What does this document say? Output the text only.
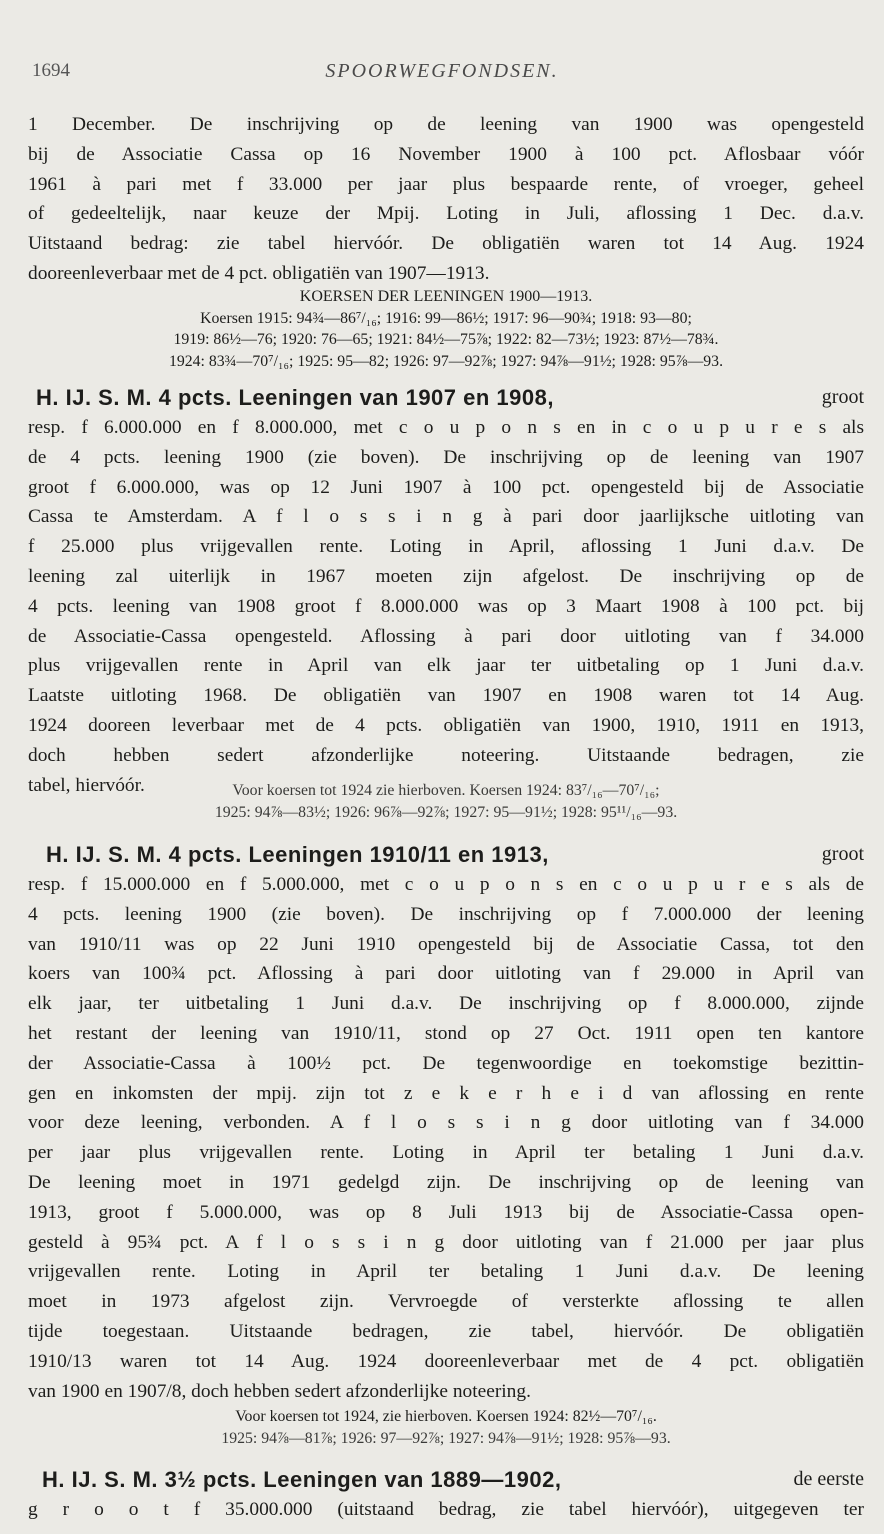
1694	SPOORWEGFONDSEN.
1 December. De inschrijving op de leening van 1900 was opengesteld
bij de Associatie Cassa op 16 November 1900 à 100 pct. Aflosbaar vóór
1961 à pari met f 33.000 per jaar plus bespaarde rente, of vroeger, geheel
of gedeeltelijk, naar keuze der Mpij. Loting in Juli, aflossing 1 Dec. d.a.v.
Uitstaand bedrag: zie tabel hiervóór. De obligatiën waren tot 14 Aug. 1924
dooreenleverbaar met de 4 pct. obligatiën van 1907—1913.
KOERSEN DER LEENINGEN 1900—1913.
Koersen 1915: 94¾—86⁷/₁₆; 1916: 99—86½; 1917: 96—90¾; 1918: 93—80;
1919: 86½—76; 1920: 76—65; 1921: 84½—75⅞; 1922: 82—73½; 1923: 87½—78¾.
1924: 83¾—70⁷/₁₆; 1925: 95—82; 1926: 97—92⅞; 1927: 94⅞—91½; 1928: 95⅞—93.
H. IJ. S. M. 4 pcts. Leeningen van 1907 en 1908,	groot
resp. f 6.000.000 en f 8.000.000, met c o u p o n s en in c o u p u r e s als
de 4 pcts. leening 1900 (zie boven). De inschrijving op de leening van 1907
groot f 6.000.000, was op 12 Juni 1907 à 100 pct. opengesteld bij de Associatie
Cassa te Amsterdam. A f l o s s i n g à pari door jaarlijksche uitloting van
f 25.000 plus vrijgevallen rente. Loting in April, aflossing 1 Juni d.a.v. De
leening zal uiterlijk in 1967 moeten zijn afgelost. De inschrijving op de
4 pcts. leening van 1908 groot f 8.000.000 was op 3 Maart 1908 à 100 pct. bij
de Associatie-Cassa opengesteld. Aflossing à pari door uitloting van f 34.000
plus vrijgevallen rente in April van elk jaar ter uitbetaling op 1 Juni d.a.v.
Laatste uitloting 1968. De obligatiën van 1907 en 1908 waren tot 14 Aug.
1924 dooreen leverbaar met de 4 pcts. obligatiën van 1900, 1910, 1911 en 1913,
doch hebben sedert afzonderlijke noteering. Uitstaande bedragen, zie
tabel, hiervóór.	Voor koersen tot 1924 zie hierboven. Koersen 1924: 83⁷/₁₆—70⁷/₁₆;
1925: 94⅞—83½; 1926: 96⅞—92⅞; 1927: 95—91½; 1928: 95¹¹/₁₆—93.
H. IJ. S. M. 4 pcts. Leeningen 1910/11 en 1913,	groot
resp. f 15.000.000 en f 5.000.000, met c o u p o n s en c o u p u r e s als de
4 pcts. leening 1900 (zie boven). De inschrijving op f 7.000.000 der leening
van 1910/11 was op 22 Juni 1910 opengesteld bij de Associatie Cassa, tot den
koers van 100¾ pct. Aflossing à pari door uitloting van f 29.000 in April van
elk jaar, ter uitbetaling 1 Juni d.a.v. De inschrijving op f 8.000.000, zijnde
het restant der leening van 1910/11, stond op 27 Oct. 1911 open ten kantore
der Associatie-Cassa à 100½ pct. De tegenwoordige en toekomstige bezittin-
gen en inkomsten der mpij. zijn tot z e k e r h e i d van aflossing en rente
voor deze leening, verbonden. A f l o s s i n g door uitloting van f 34.000
per jaar plus vrijgevallen rente. Loting in April ter betaling 1 Juni d.a.v.
De leening moet in 1971 gedelgd zijn. De inschrijving op de leening van
1913, groot f 5.000.000, was op 8 Juli 1913 bij de Associatie-Cassa open-
gesteld à 95¾ pct. A f l o s s i n g door uitloting van f 21.000 per jaar plus
vrijgevallen rente. Loting in April ter betaling 1 Juni d.a.v. De leening
moet in 1973 afgelost zijn. Vervroegde of versterkte aflossing te allen
tijde toegestaan. Uitstaande bedragen, zie tabel, hiervóór. De obligatiën
1910/13 waren tot 14 Aug. 1924 dooreenleverbaar met de 4 pct. obligatiën
van 1900 en 1907/8, doch hebben sedert afzonderlijke noteering.
Voor koersen tot 1924, zie hierboven. Koersen 1924: 82½—70⁷/₁₆.
1925: 94⅞—81⅞; 1926: 97—92⅞; 1927: 94⅞—91½; 1928: 95⅞—93.
H. IJ. S. M. 3½ pcts. Leeningen van 1889—1902,	de eerste
g r o o t f 35.000.000 (uitstaand bedrag, zie tabel hiervóór), uitgegeven ter
